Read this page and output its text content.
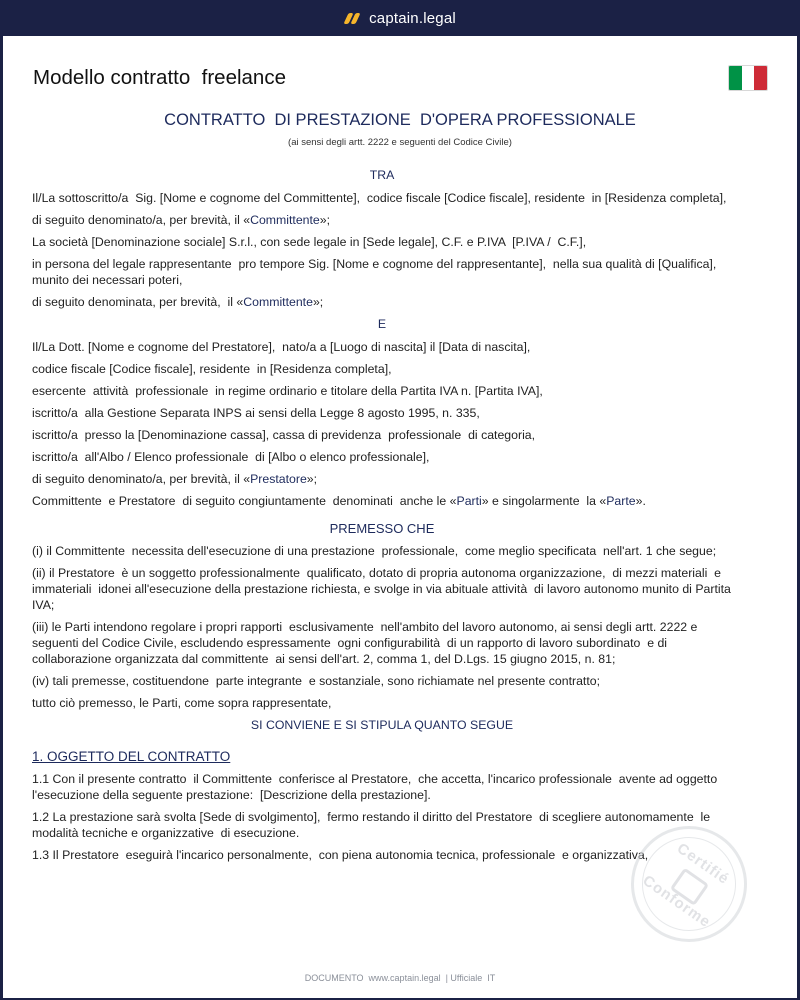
captain.legal
Modello contratto  freelance
CONTRATTO  DI PRESTAZIONE  D'OPERA PROFESSIONALE
(ai sensi degli artt. 2222 e seguenti del Codice Civile)

TRA

Il/La sottoscritto/a  Sig. [Nome e cognome del Committente],  codice fiscale [Codice fiscale], residente  in [Residenza completa],

di seguito denominato/a, per brevità, il «Committente»;

La società [Denominazione sociale] S.r.l., con sede legale in [Sede legale], C.F. e P.IVA  [P.IVA /  C.F.],

in persona del legale rappresentante  pro tempore Sig. [Nome e cognome del rappresentante],  nella sua qualità di [Qualifica], munito dei necessari poteri,

di seguito denominata, per brevità,  il «Committente»;

E

Il/La Dott. [Nome e cognome del Prestatore],  nato/a a [Luogo di nascita] il [Data di nascita],

codice fiscale [Codice fiscale], residente  in [Residenza completa],

esercente  attività  professionale  in regime ordinario e titolare della Partita IVA n. [Partita IVA],

iscritto/a  alla Gestione Separata INPS ai sensi della Legge 8 agosto 1995, n. 335,

iscritto/a  presso la [Denominazione cassa], cassa di previdenza  professionale  di categoria,

iscritto/a  all'Albo / Elenco professionale  di [Albo o elenco professionale],

di seguito denominato/a, per brevità, il «Prestatore»;

Committente  e Prestatore  di seguito congiuntamente  denominati  anche le «Parti» e singolarmente  la «Parte».

PREMESSO CHE

(i) il Committente  necessita dell'esecuzione di una prestazione  professionale,  come meglio specificata  nell'art. 1 che segue;

(ii) il Prestatore  è un soggetto professionalmente  qualificato, dotato di propria autonoma organizzazione,  di mezzi materiali  e immateriali  idonei all'esecuzione della prestazione richiesta, e svolge in via abituale attività  di lavoro autonomo munito di Partita IVA;

(iii) le Parti intendono regolare i propri rapporti  esclusivamente  nell'ambito del lavoro autonomo, ai sensi degli artt. 2222 e seguenti del Codice Civile, escludendo espressamente  ogni configurabilità  di un rapporto di lavoro subordinato  e di collaborazione organizzata dal committente  ai sensi dell'art. 2, comma 1, del D.Lgs. 15 giugno 2015, n. 81;

(iv) tali premesse, costituendone  parte integrante  e sostanziale, sono richiamate nel presente contratto;

tutto ciò premesso, le Parti, come sopra rappresentate,

SI CONVIENE E SI STIPULA QUANTO SEGUE

1. OGGETTO DEL CONTRATTO

1.1 Con il presente contratto  il Committente  conferisce al Prestatore,  che accetta, l'incarico professionale  avente ad oggetto l'esecuzione della seguente prestazione:  [Descrizione della prestazione].

1.2 La prestazione sarà svolta [Sede di svolgimento],  fermo restando il diritto del Prestatore  di scegliere autonomamente  le modalità tecniche e organizzative  di esecuzione.

1.3 Il Prestatore  eseguirà l'incarico personalmente,  con piena autonomia tecnica, professionale  e organizzativa,	Certifié
Conforme
DOCUMENTO  www.captain.legal  | Ufficiale  IT
